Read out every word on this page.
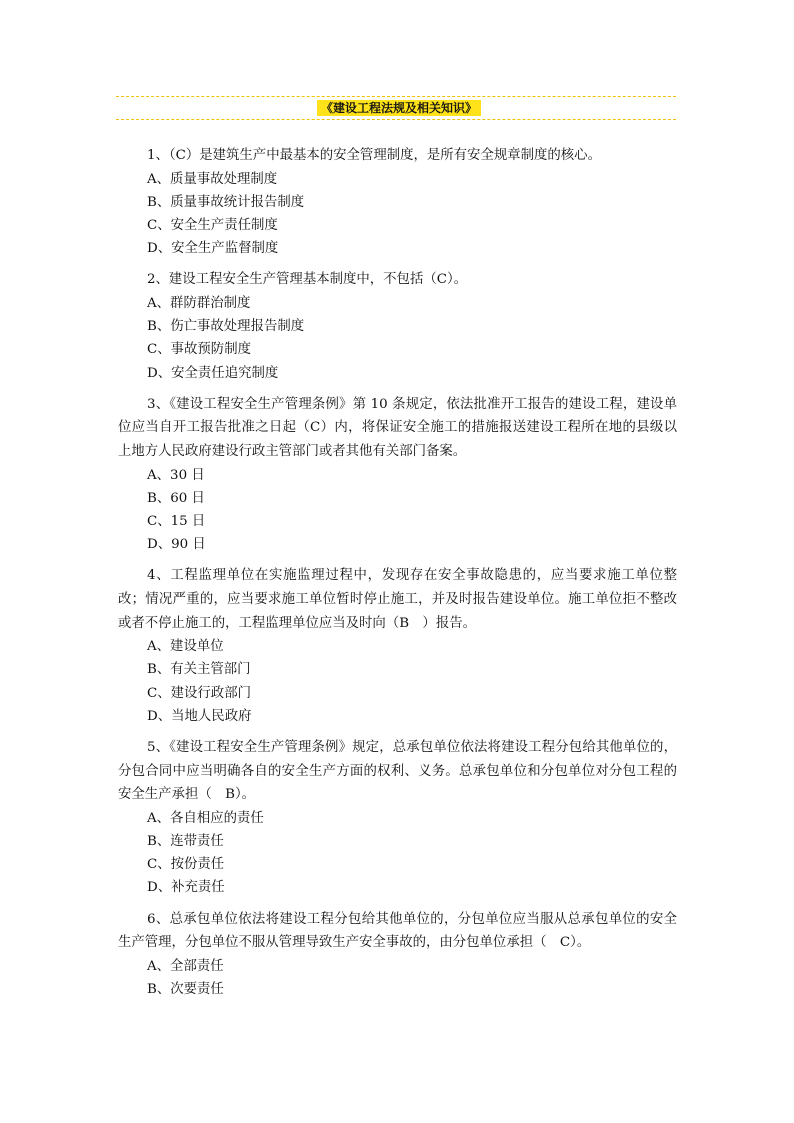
《建设工程法规及相关知识》

1、（C）是建筑生产中最基本的安全管理制度，是所有安全规章制度的核心。

A、质量事故处理制度

B、质量事故统计报告制度

C、安全生产责任制度

D、安全生产监督制度

2、建设工程安全生产管理基本制度中，不包括（C）。

A、群防群治制度

B、伤亡事故处理报告制度

C、事故预防制度

D、安全责任追究制度

3、《建设工程安全生产管理条例》第 10 条规定，依法批准开工报告的建设工程，建设单位应当自开工报告批准之日起（C）内，将保证安全施工的措施报送建设工程所在地的县级以上地方人民政府建设行政主管部门或者其他有关部门备案。

A、30 日

B、60 日

C、15 日

D、90 日

4、工程监理单位在实施监理过程中，发现存在安全事故隐患的，应当要求施工单位整改；情况严重的，应当要求施工单位暂时停止施工，并及时报告建设单位。施工单位拒不整改或者不停止施工的，工程监理单位应当及时向（B　）报告。

A、建设单位

B、有关主管部门

C、建设行政部门

D、当地人民政府

5、《建设工程安全生产管理条例》规定，总承包单位依法将建设工程分包给其他单位的，分包合同中应当明确各自的安全生产方面的权利、义务。总承包单位和分包单位对分包工程的安全生产承担（　B）。

A、各自相应的责任

B、连带责任

C、按份责任

D、补充责任

6、总承包单位依法将建设工程分包给其他单位的，分包单位应当服从总承包单位的安全生产管理，分包单位不服从管理导致生产安全事故的，由分包单位承担（　C）。

A、全部责任

B、次要责任
